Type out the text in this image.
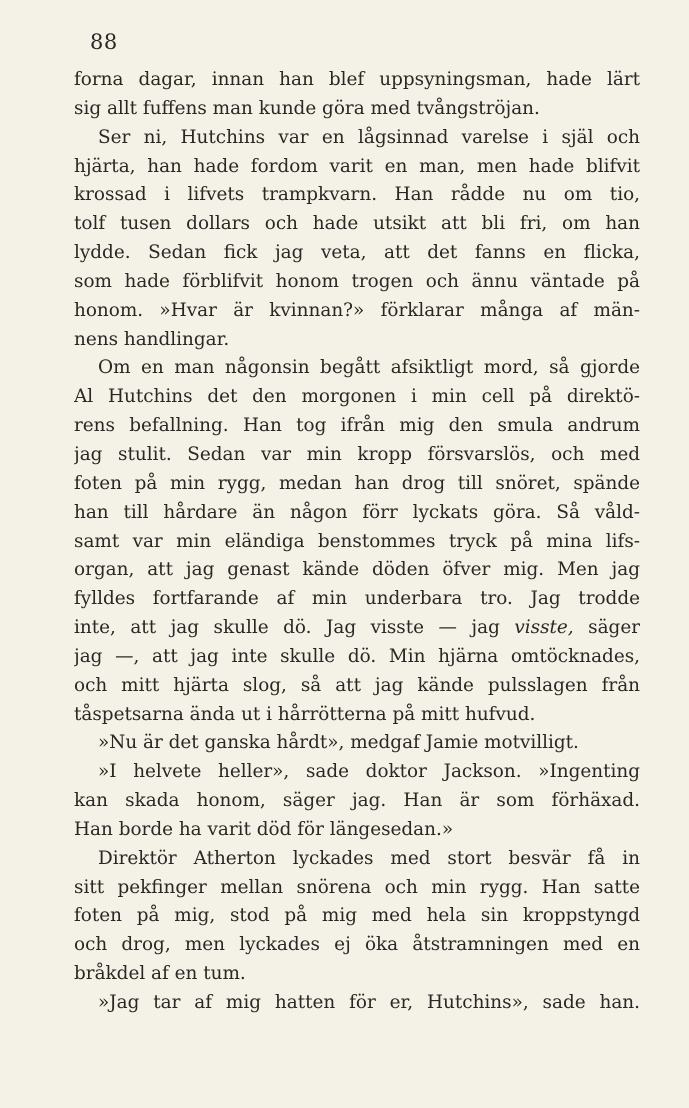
88
forna dagar, innan han blef uppsyningsman, hade lärt
sig allt fuffens man kunde göra med tvångströjan.
Ser ni, Hutchins var en lågsinnad varelse i själ och
hjärta, han hade fordom varit en man, men hade blifvit
krossad i lifvets trampkvarn. Han rådde nu om tio,
tolf tusen dollars och hade utsikt att bli fri, om han
lydde. Sedan fick jag veta, att det fanns en flicka,
som hade förblifvit honom trogen och ännu väntade på
honom. »Hvar är kvinnan?» förklarar många af män-
nens handlingar.
Om en man någonsin begått afsiktligt mord, så gjorde
Al Hutchins det den morgonen i min cell på direktö-
rens befallning. Han tog ifrån mig den smula andrum
jag stulit. Sedan var min kropp försvarslös, och med
foten på min rygg, medan han drog till snöret, spände
han till hårdare än någon förr lyckats göra. Så våld-
samt var min eländiga benstommes tryck på mina lifs-
organ, att jag genast kände döden öfver mig. Men jag
fylldes fortfarande af min underbara tro. Jag trodde
inte, att jag skulle dö. Jag visste — jag visste, säger
jag —, att jag inte skulle dö. Min hjärna omtöcknades,
och mitt hjärta slog, så att jag kände pulsslagen från
tåspetsarna ända ut i hårrötterna på mitt hufvud.
»Nu är det ganska hårdt», medgaf Jamie motvilligt.
»I helvete heller», sade doktor Jackson. »Ingenting
kan skada honom, säger jag. Han är som förhäxad.
Han borde ha varit död för längesedan.»
Direktör Atherton lyckades med stort besvär få in
sitt pekfinger mellan snörena och min rygg. Han satte
foten på mig, stod på mig med hela sin kroppstyngd
och drog, men lyckades ej öka åtstramningen med en
bråkdel af en tum.
»Jag tar af mig hatten för er, Hutchins», sade han.
